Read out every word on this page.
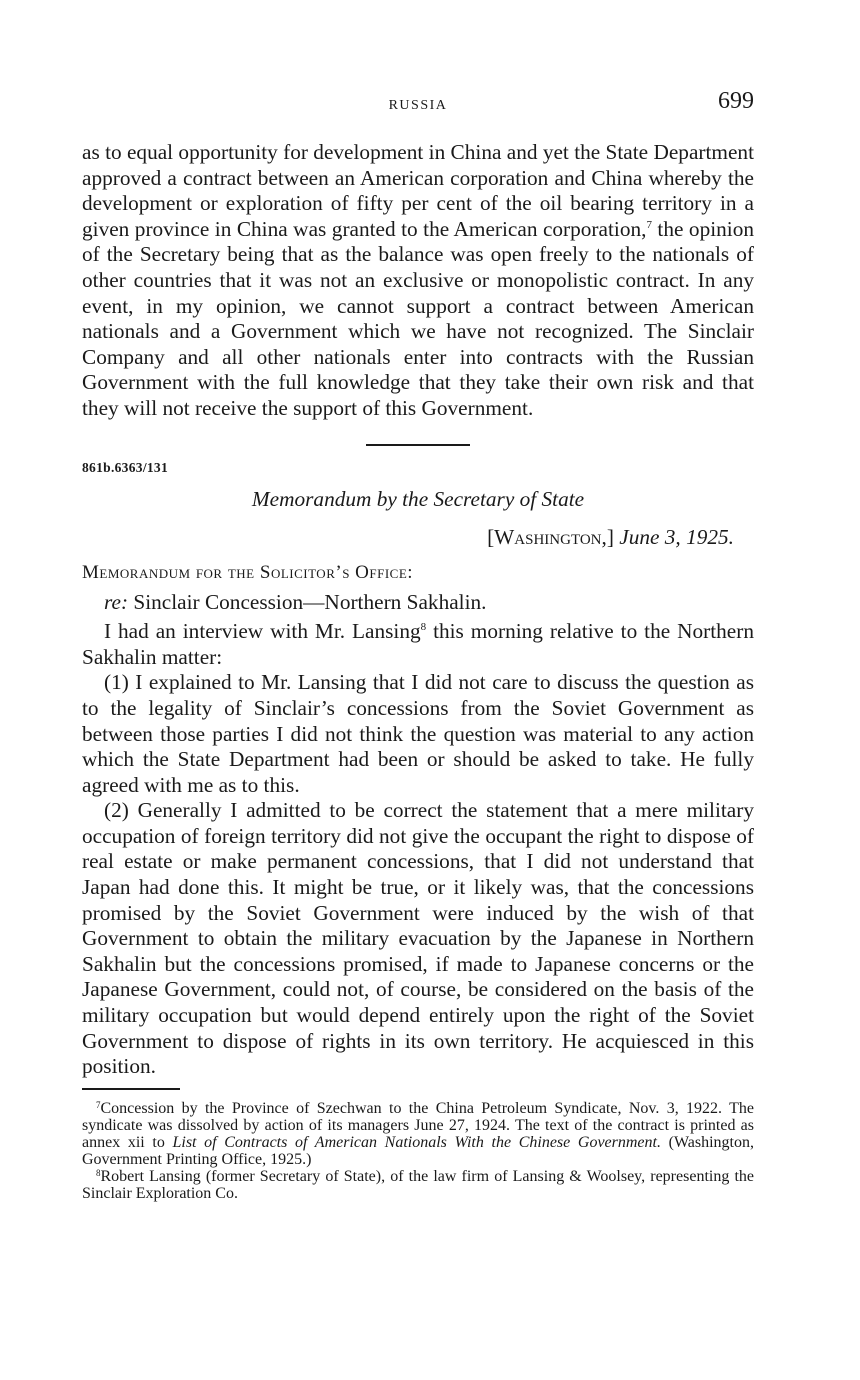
RUSSIA	699

as to equal opportunity for development in China and yet the State Department approved a contract between an American corporation and China whereby the development or exploration of fifty per cent of the oil bearing territory in a given province in China was granted to the American corporation,$^7$ the opinion of the Secretary being that as the balance was open freely to the nationals of other countries that it was not an exclusive or monopolistic contract. In any event, in my opinion, we cannot support a contract between American nationals and a Government which we have not recognized. The Sinclair Company and all other nationals enter into contracts with the Russian Government with the full knowledge that they take their own risk and that they will not receive the support of this Government.

861b.6363/131
Memorandum by the Secretary of State
[Washington,] June 3, 1925.
Memorandum for the Solicitor’s Office:

re: Sinclair Concession—Northern Sakhalin.

I had an interview with Mr. Lansing$^8$ this morning relative to the Northern Sakhalin matter:

(1) I explained to Mr. Lansing that I did not care to discuss the question as to the legality of Sinclair’s concessions from the Soviet Government as between those parties I did not think the question was material to any action which the State Department had been or should be asked to take. He fully agreed with me as to this.

(2) Generally I admitted to be correct the statement that a mere military occupation of foreign territory did not give the occupant the right to dispose of real estate or make permanent concessions, that I did not understand that Japan had done this. It might be true, or it likely was, that the concessions promised by the Soviet Government were induced by the wish of that Government to obtain the military evacuation by the Japanese in Northern Sakhalin but the concessions promised, if made to Japanese concerns or the Japanese Government, could not, of course, be considered on the basis of the military occupation but would depend entirely upon the right of the Soviet Government to dispose of rights in its own territory. He acquiesced in this position.

$^7$Concession by the Province of Szechwan to the China Petroleum Syndicate, Nov. 3, 1922. The syndicate was dissolved by action of its managers June 27, 1924. The text of the contract is printed as annex xii to List of Contracts of American Nationals With the Chinese Government. (Washington, Government Printing Office, 1925.)

$^8$Robert Lansing (former Secretary of State), of the law firm of Lansing & Woolsey, representing the Sinclair Exploration Co.
